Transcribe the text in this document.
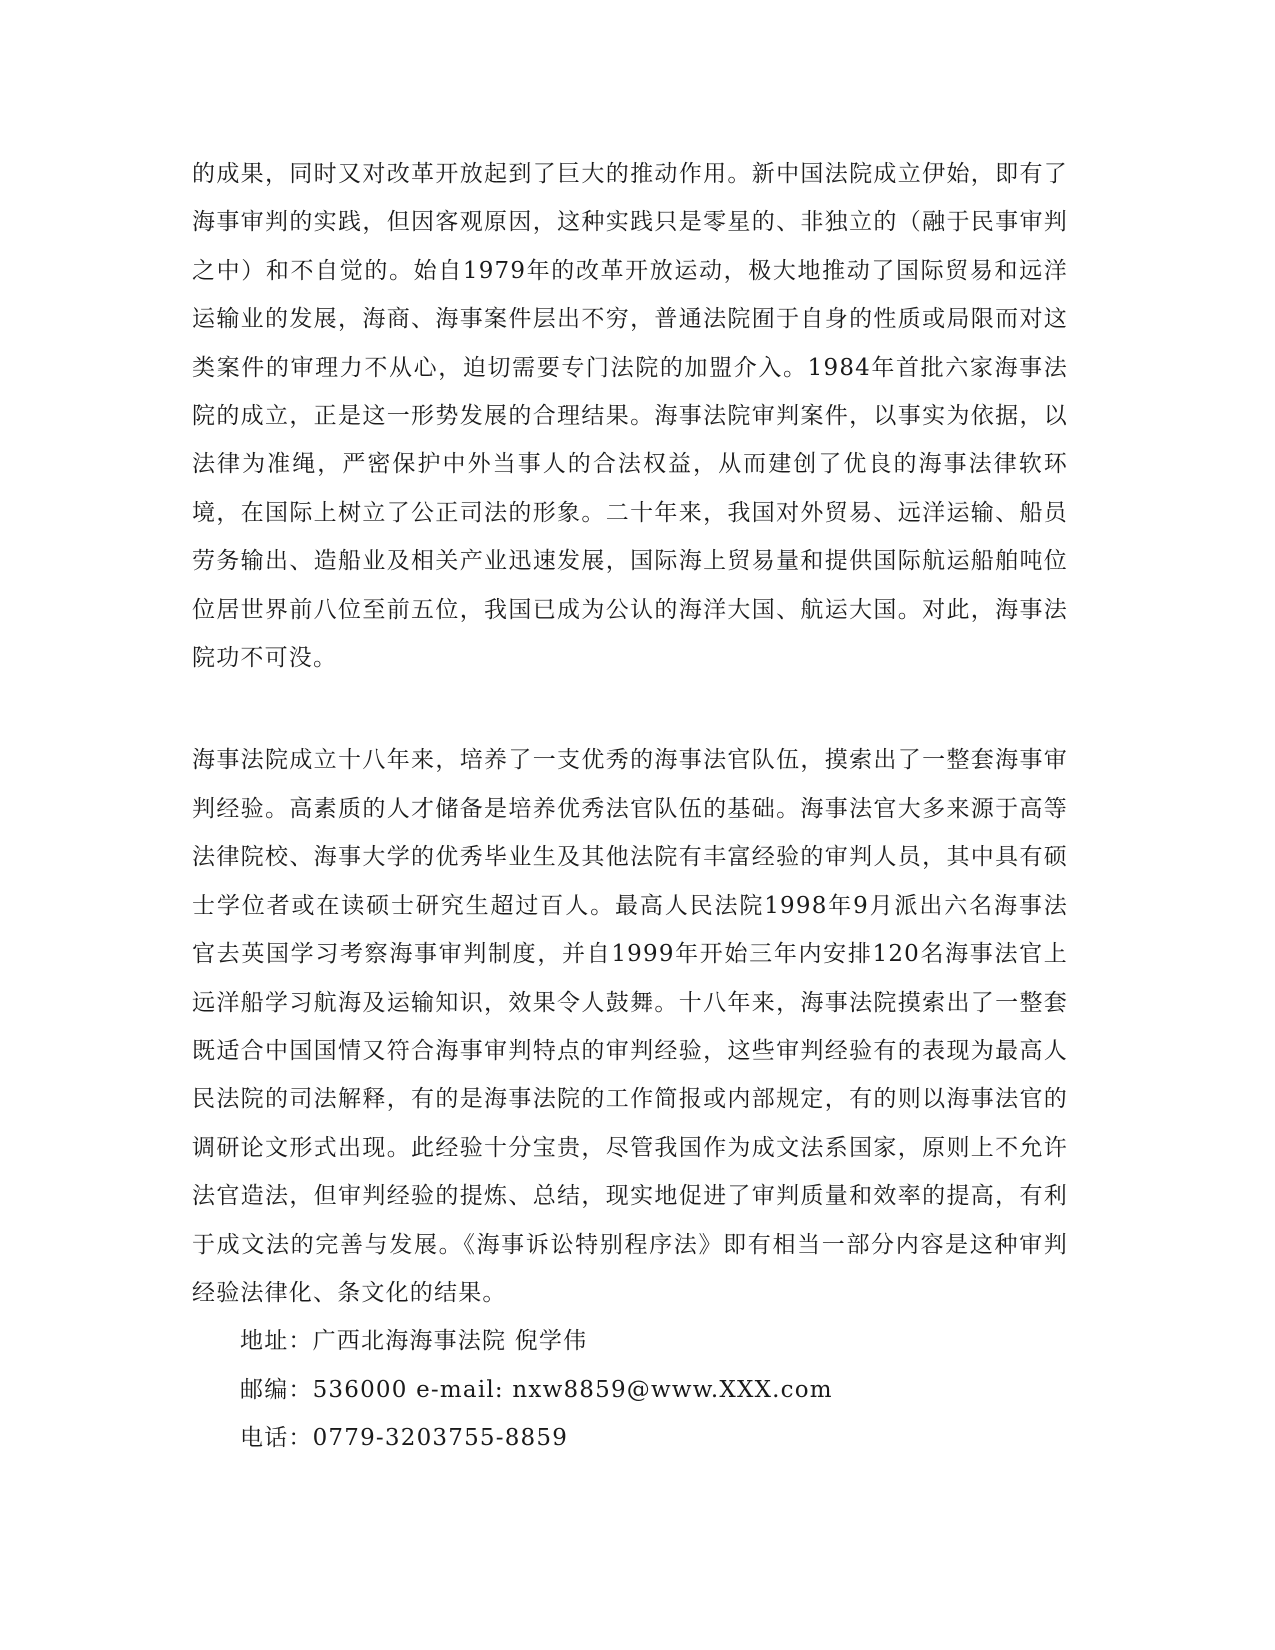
的成果，同时又对改革开放起到了巨大的推动作用。新中国法院成立伊始，即有了海事审判的实践，但因客观原因，这种实践只是零星的、非独立的（融于民事审判之中）和不自觉的。始自1979年的改革开放运动，极大地推动了国际贸易和远洋运输业的发展，海商、海事案件层出不穷，普通法院囿于自身的性质或局限而对这类案件的审理力不从心，迫切需要专门法院的加盟介入。1984年首批六家海事法院的成立，正是这一形势发展的合理结果。海事法院审判案件，以事实为依据，以法律为准绳，严密保护中外当事人的合法权益，从而建创了优良的海事法律软环境，在国际上树立了公正司法的形象。二十年来，我国对外贸易、远洋运输、船员劳务输出、造船业及相关产业迅速发展，国际海上贸易量和提供国际航运船舶吨位位居世界前八位至前五位，我国已成为公认的海洋大国、航运大国。对此，海事法院功不可没。

海事法院成立十八年来，培养了一支优秀的海事法官队伍，摸索出了一整套海事审判经验。高素质的人才储备是培养优秀法官队伍的基础。海事法官大多来源于高等法律院校、海事大学的优秀毕业生及其他法院有丰富经验的审判人员，其中具有硕士学位者或在读硕士研究生超过百人。最高人民法院1998年9月派出六名海事法官去英国学习考察海事审判制度，并自1999年开始三年内安排120名海事法官上远洋船学习航海及运输知识，效果令人鼓舞。十八年来，海事法院摸索出了一整套既适合中国国情又符合海事审判特点的审判经验，这些审判经验有的表现为最高人民法院的司法解释，有的是海事法院的工作简报或内部规定，有的则以海事法官的调研论文形式出现。此经验十分宝贵，尽管我国作为成文法系国家，原则上不允许法官造法，但审判经验的提炼、总结，现实地促进了审判质量和效率的提高，有利于成文法的完善与发展。《海事诉讼特别程序法》即有相当一部分内容是这种审判经验法律化、条文化的结果。

地址：广西北海海事法院 倪学伟

邮编：536000 e-mail: nxw8859@www.XXX.com

电话：0779-3203755-8859
